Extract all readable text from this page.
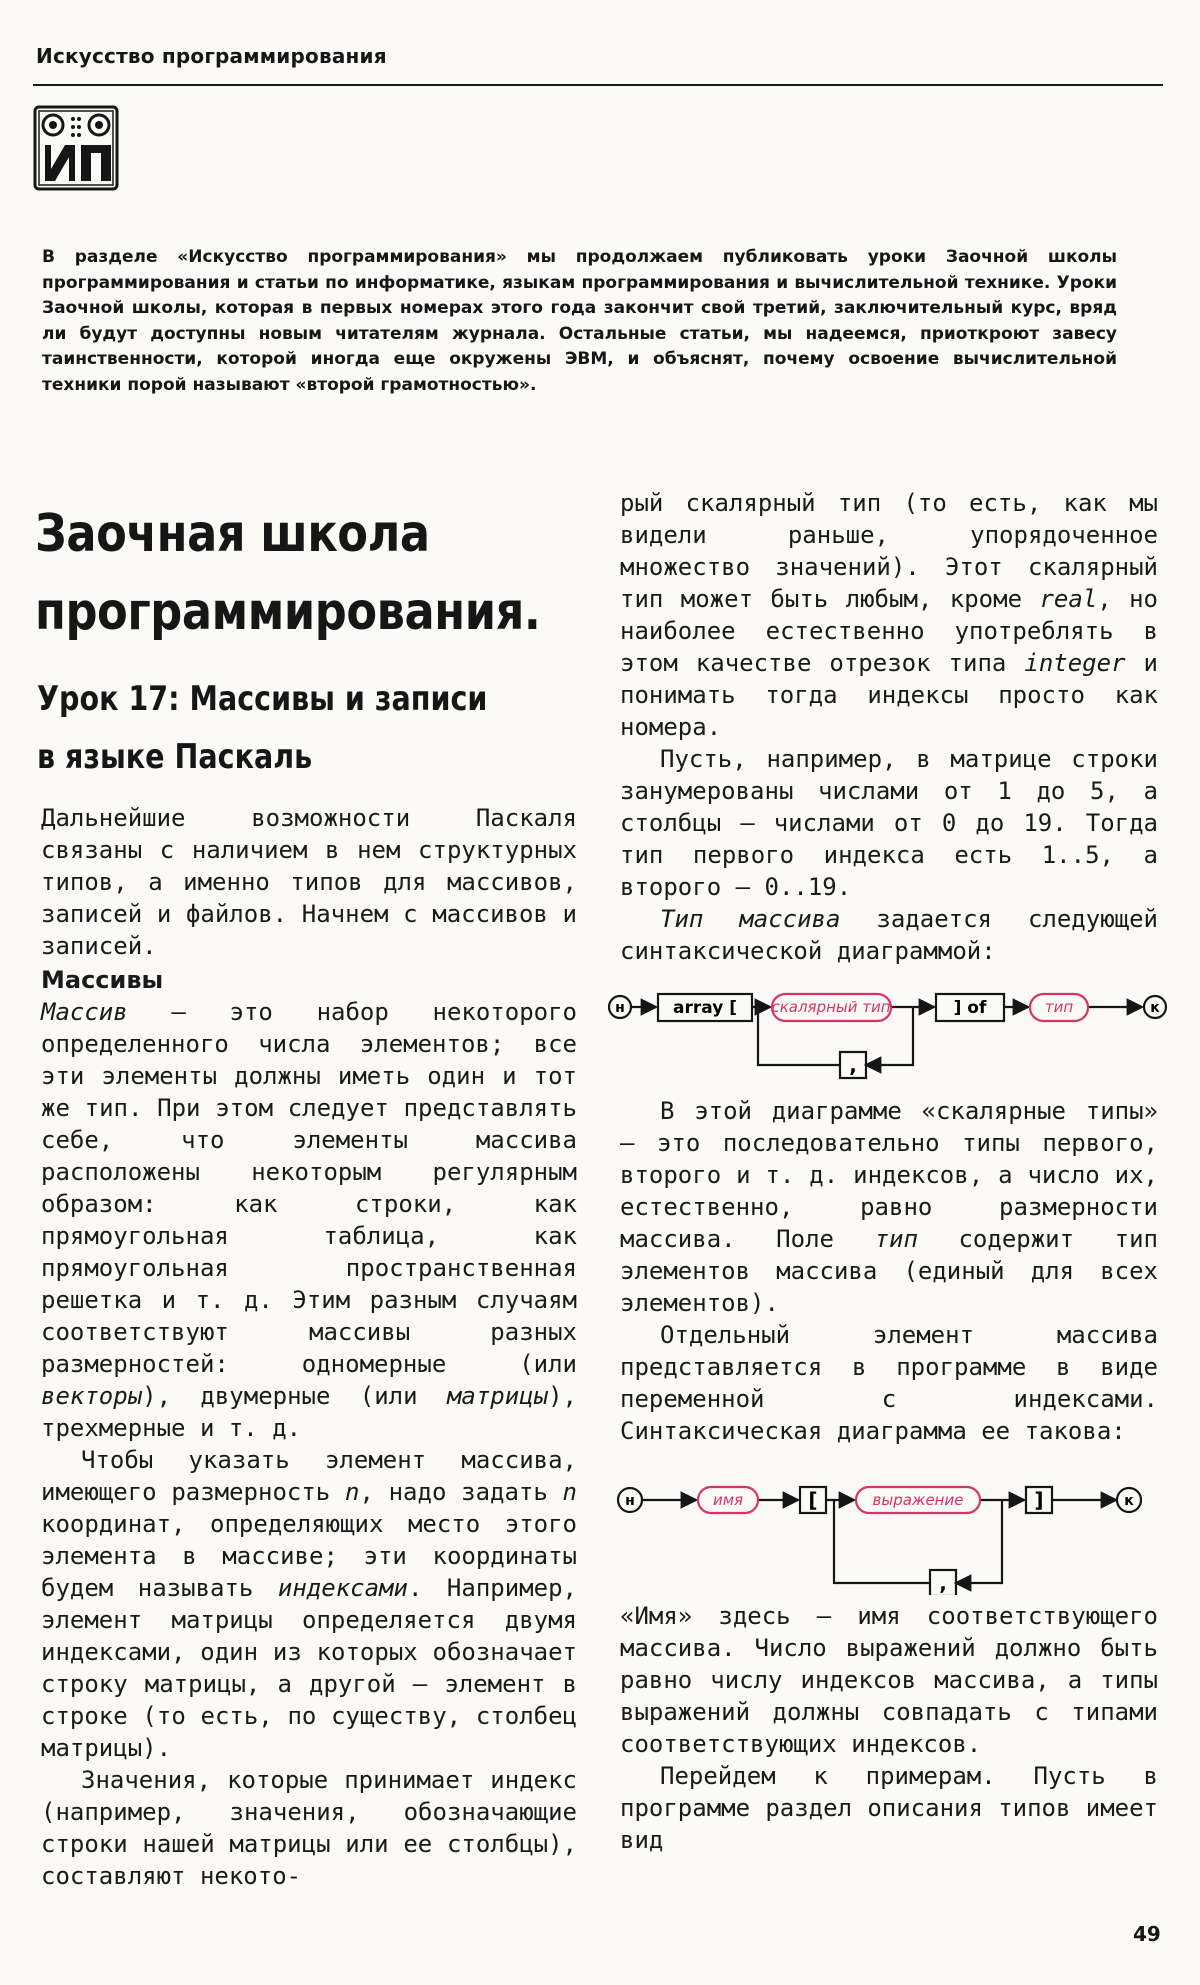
Искусство программирования
В разделе «Искусство программирования» мы продолжаем публиковать уроки Заочной школы программирования и статьи по информатике, языкам программирования и вычислительной технике. Уроки Заочной школы, которая в первых номерах этого года закончит свой третий, заключительный курс, вряд ли будут доступны новым читателям журнала. Остальные статьи, мы надеемся, приоткроют завесу таинственности, которой иногда еще окружены ЭВМ, и объяснят, почему освоение вычислительной техники порой называют «второй грамотностью».
Заочная школа
программирования.
Урок 17: Массивы и записи
в языке Паскаль

Дальнейшие возможности Паскаля связаны с наличием в нем структурных типов, а именно типов для массивов, записей и файлов. Начнем с массивов и записей.

Массивы

Массив — это набор некоторого определенного числа элементов; все эти элементы должны иметь один и тот же тип. При этом следует представлять себе, что элементы массива расположены некоторым регулярным образом: как строки, как прямоугольная таблица, как прямоугольная пространственная решетка и т. д. Этим разным случаям соответствуют массивы разных размерностей: одномерные (или векторы), двумерные (или матрицы), трехмерные и т. д.

Чтобы указать элемент массива, имеющего размерность n, надо задать n координат, определяющих место этого элемента в массиве; эти координаты будем называть индексами. Например, элемент матрицы определяется двумя индексами, один из которых обозначает строку матрицы, а другой — элемент в строке (то есть, по существу, столбец матрицы).

Значения, которые принимает индекс (например, значения, обозначающие строки нашей матрицы или ее столбцы), составляют некото-

рый скалярный тип (то есть, как мы видели раньше, упорядоченное множество значений). Этот скалярный тип может быть любым, кроме real, но наиболее естественно употреблять в этом качестве отрезок типа integer и понимать тогда индексы просто как номера.

Пусть, например, в матрице строки занумерованы числами от 1 до 5, а столбцы — числами от 0 до 19. Тогда тип первого индекса есть 1..5, а второго — 0..19.

Тип массива задается следующей синтаксической диаграммой:

н	array [ скалярный тип	] of	тип	к
,

В этой диаграмме «скалярные типы» — это последовательно типы первого, второго и т. д. индексов, а число их, естественно, равно размерности массива. Поле тип содержит тип элементов массива (единый для всех элементов).

Отдельный элемент массива представляется в программе в виде переменной с индексами. Синтаксическая диаграмма ее такова:

н	имя	[	выражение	]	к
,

«Имя» здесь — имя соответствующего массива. Число выражений должно быть равно числу индексов массива, а типы выражений должны совпадать с типами соответствующих индексов.

Перейдем к примерам. Пусть в программе раздел описания типов имеет вид

49
